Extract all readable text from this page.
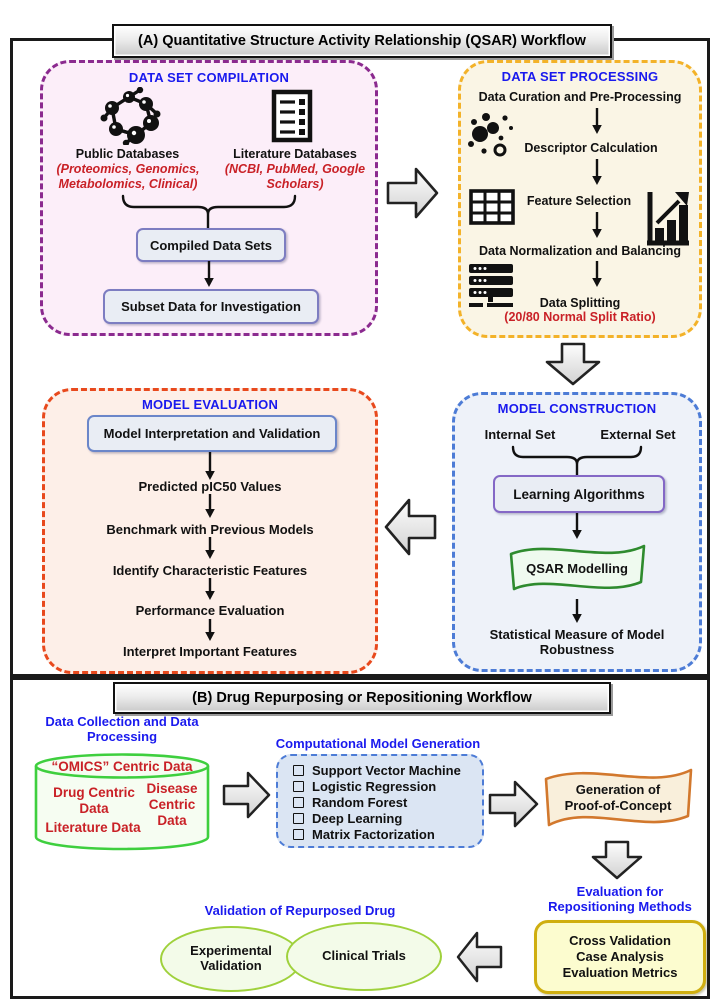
(A) Quantitative Structure Activity Relationship (QSAR) Workflow
DATA SET COMPILATION
Public Databases
(Proteomics, Genomics, Metabolomics, Clinical)
Literature Databases
(NCBI, PubMed, Google Scholars)
Compiled Data Sets
Subset Data for Investigation
DATA SET PROCESSING
Data Curation and Pre-Processing
Descriptor Calculation
Feature Selection
Data Normalization and Balancing
Data Splitting
(20/80 Normal Split Ratio)
MODEL EVALUATION
Model Interpretation and Validation
Predicted pIC50 Values
Benchmark with Previous Models
Identify Characteristic Features
Performance Evaluation
Interpret Important Features
MODEL CONSTRUCTION
Internal Set	External Set
Learning Algorithms
QSAR Modelling
Statistical Measure of Model Robustness
(B) Drug Repurposing or Repositioning Workflow
Data Collection and Data Processing
“OMICS” Centric Data
Drug Centric Data
Disease Centric Data
Literature Data
Computational Model Generation
Support Vector Machine
Logistic Regression
Random Forest
Deep Learning
Matrix Factorization
Generation of Proof-of-Concept
Evaluation for Repositioning Methods
Cross Validation
Case Analysis
Evaluation Metrics
Validation of Repurposed Drug
Experimental Validation
Clinical Trials
